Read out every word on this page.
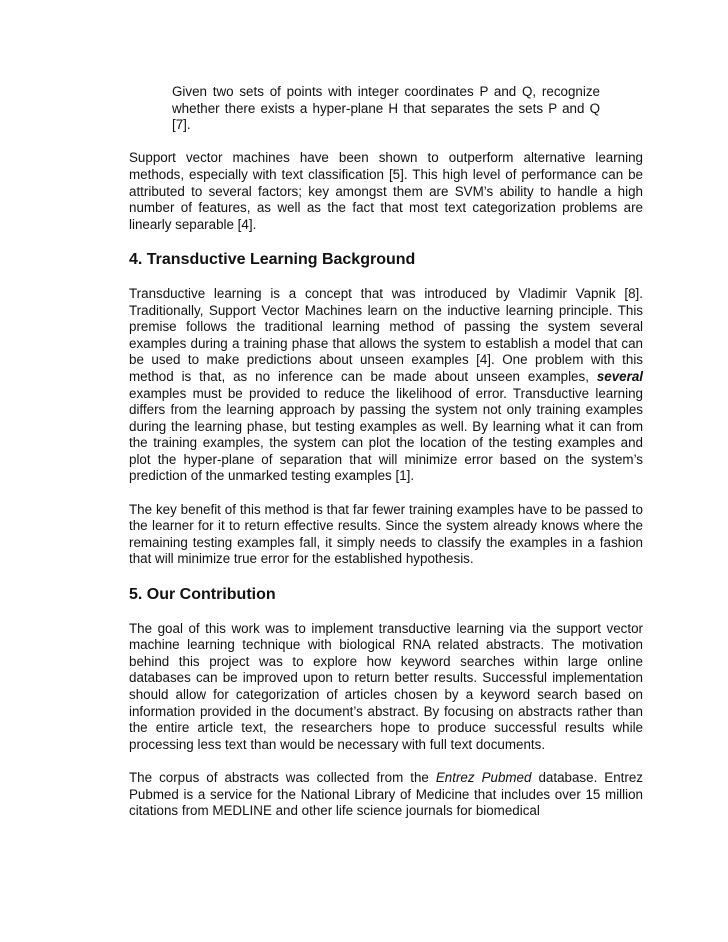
Given two sets of points with integer coordinates P and Q, recognize whether there exists a hyper-plane H that separates the sets P and Q [7].

Support vector machines have been shown to outperform alternative learning methods, especially with text classification [5]. This high level of performance can be attributed to several factors; key amongst them are SVM’s ability to handle a high number of features, as well as the fact that most text categorization problems are linearly separable [4].

4. Transductive Learning Background

Transductive learning is a concept that was introduced by Vladimir Vapnik [8]. Traditionally, Support Vector Machines learn on the inductive learning principle. This premise follows the traditional learning method of passing the system several examples during a training phase that allows the system to establish a model that can be used to make predictions about unseen examples [4]. One problem with this method is that, as no inference can be made about unseen examples, several examples must be provided to reduce the likelihood of error. Transductive learning differs from the learning approach by passing the system not only training examples during the learning phase, but testing examples as well. By learning what it can from the training examples, the system can plot the location of the testing examples and plot the hyper-plane of separation that will minimize error based on the system’s prediction of the unmarked testing examples [1].

The key benefit of this method is that far fewer training examples have to be passed to the learner for it to return effective results. Since the system already knows where the remaining testing examples fall, it simply needs to classify the examples in a fashion that will minimize true error for the established hypothesis.

5. Our Contribution

The goal of this work was to implement transductive learning via the support vector machine learning technique with biological RNA related abstracts. The motivation behind this project was to explore how keyword searches within large online databases can be improved upon to return better results. Successful implementation should allow for categorization of articles chosen by a keyword search based on information provided in the document’s abstract. By focusing on abstracts rather than the entire article text, the researchers hope to produce successful results while processing less text than would be necessary with full text documents.

The corpus of abstracts was collected from the Entrez Pubmed database. Entrez Pubmed is a service for the National Library of Medicine that includes over 15 million citations from MEDLINE and other life science journals for biomedical
